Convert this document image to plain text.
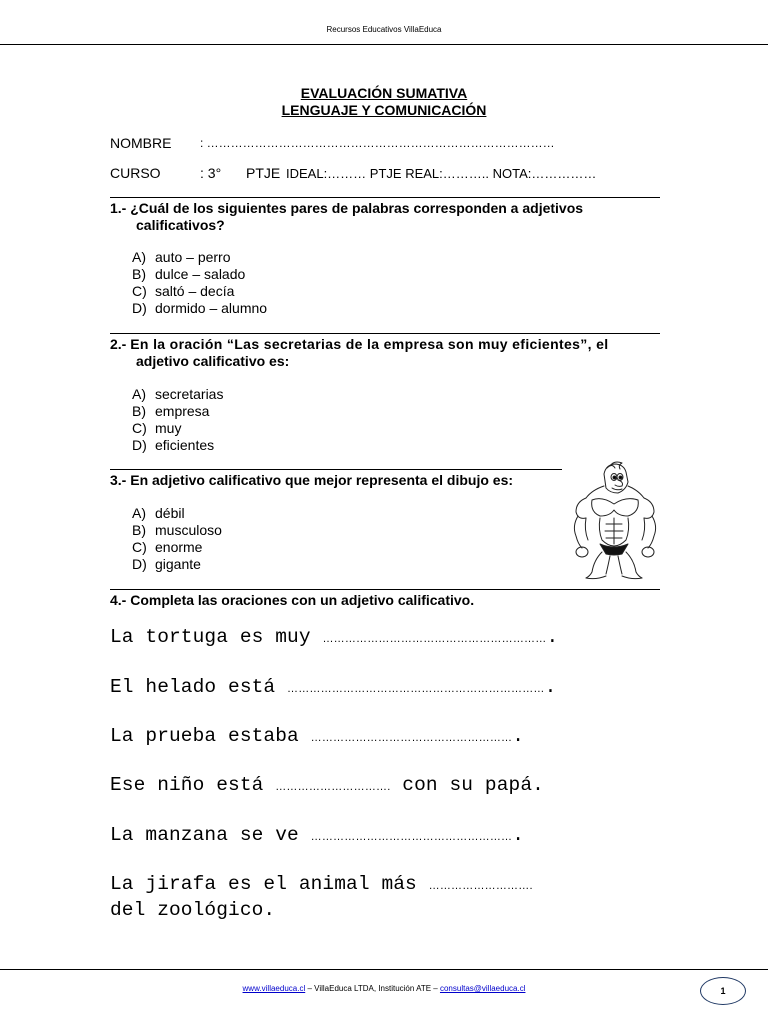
Recursos Educativos VillaEduca
EVALUACIÓN SUMATIVA
LENGUAJE Y COMUNICACIÓN
NOMBRE : ……………………………………………………………………………
CURSO	: 3° PTJE IDEAL:……… PTJE REAL:……….. NOTA:……………
1.- ¿Cuál de los siguientes pares de palabras corresponden a adjetivos
calificativos?
A) auto – perro
B) dulce – salado
C) saltó – decía
D) dormido – alumno
2.- En la oración “Las secretarias de la empresa son muy eficientes”, el
adjetivo calificativo es:
A) secretarias
B) empresa
C) muy
D) eficientes
3.- En adjetivo calificativo que mejor representa el dibujo es:
A) débil
B) musculoso
C) enorme
D) gigante
4.- Completa las oraciones con un adjetivo calificativo.
La tortuga es muy …………………………………………………….
El helado está …………………………………………………………….
La prueba estaba ……………………………………………….
Ese niño está …………………………. con su papá.
La manzana se ve ……………………………………………….
La jirafa es el animal más ……………………….
del zoológico.
www.villaeduca.cl – VillaEduca LTDA, Institución ATE – consultas@villaeduca.cl	1
